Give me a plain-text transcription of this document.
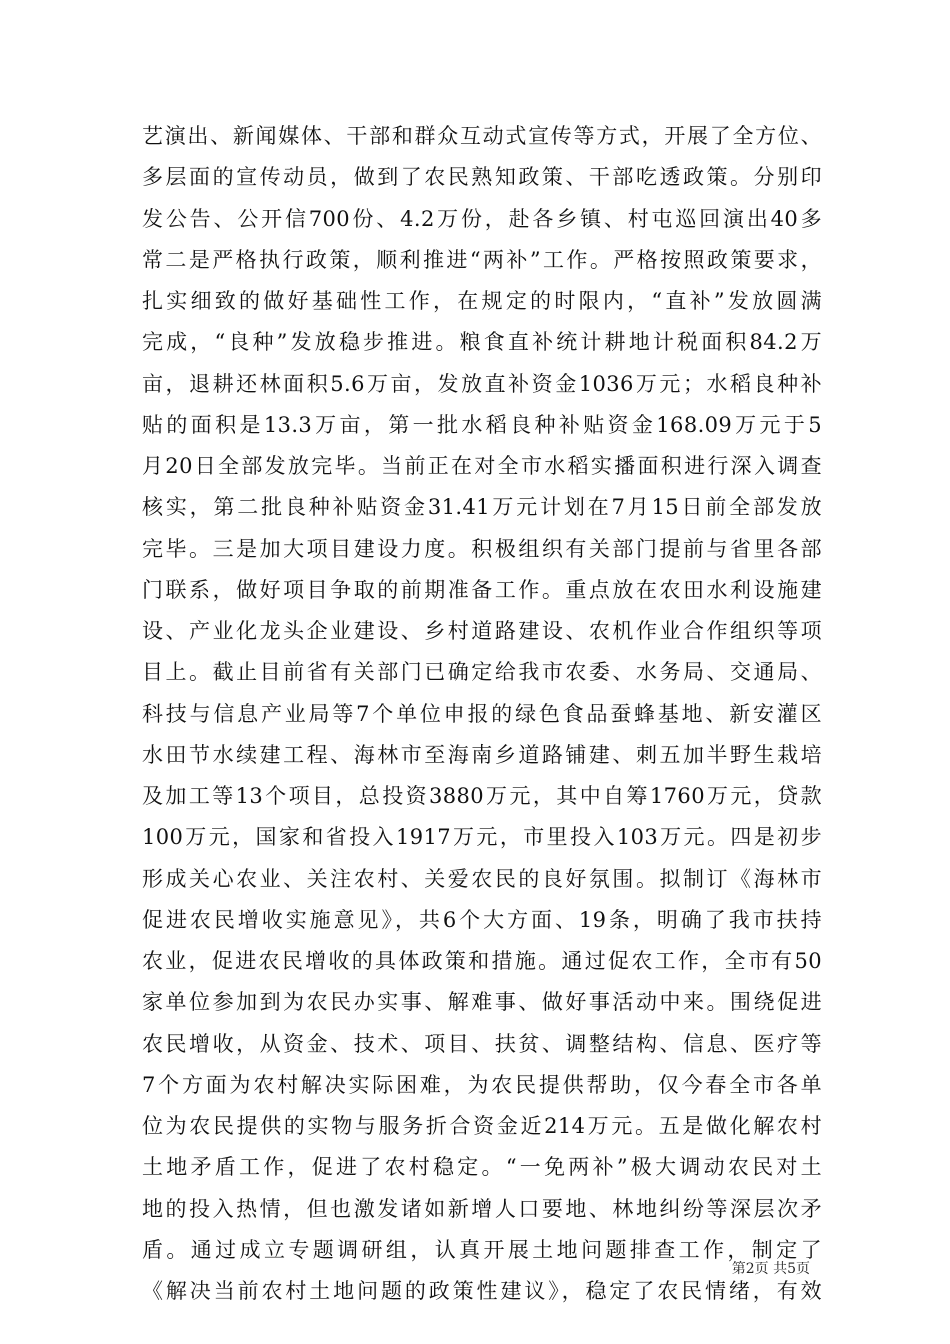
艺演出、新闻媒体、干部和群众互动式宣传等方式，开展了全方位、
多层面的宣传动员，做到了农民熟知政策、干部吃透政策。分别印
发公告、公开信700份、4.2万份，赴各乡镇、村屯巡回演出40多
常二是严格执行政策，顺利推进“两补”工作。严格按照政策要求，
扎实细致的做好基础性工作，在规定的时限内，“直补”发放圆满
完成，“良种”发放稳步推进。粮食直补统计耕地计税面积84.2万
亩，退耕还林面积5.6万亩，发放直补资金1036万元；水稻良种补
贴的面积是13.3万亩，第一批水稻良种补贴资金168.09万元于5
月20日全部发放完毕。当前正在对全市水稻实播面积进行深入调查
核实，第二批良种补贴资金31.41万元计划在7月15日前全部发放
完毕。三是加大项目建设力度。积极组织有关部门提前与省里各部
门联系，做好项目争取的前期准备工作。重点放在农田水利设施建
设、产业化龙头企业建设、乡村道路建设、农机作业合作组织等项
目上。截止目前省有关部门已确定给我市农委、水务局、交通局、
科技与信息产业局等7个单位申报的绿色食品蚕蜂基地、新安灌区
水田节水续建工程、海林市至海南乡道路铺建、刺五加半野生栽培
及加工等13个项目，总投资3880万元，其中自筹1760万元，贷款
100万元，国家和省投入1917万元，市里投入103万元。四是初步
形成关心农业、关注农村、关爱农民的良好氛围。拟制订《海林市
促进农民增收实施意见》，共6个大方面、19条，明确了我市扶持
农业，促进农民增收的具体政策和措施。通过促农工作，全市有50
家单位参加到为农民办实事、解难事、做好事活动中来。围绕促进
农民增收，从资金、技术、项目、扶贫、调整结构、信息、医疗等
7个方面为农村解决实际困难，为农民提供帮助，仅今春全市各单
位为农民提供的实物与服务折合资金近214万元。五是做化解农村
土地矛盾工作，促进了农村稳定。“一免两补”极大调动农民对土
地的投入热情，但也激发诸如新增人口要地、林地纠纷等深层次矛
盾。通过成立专题调研组，认真开展土地问题排查工作，制定了
《解决当前农村土地问题的政策性建议》，稳定了农民情绪，有效
第2页 共5页
